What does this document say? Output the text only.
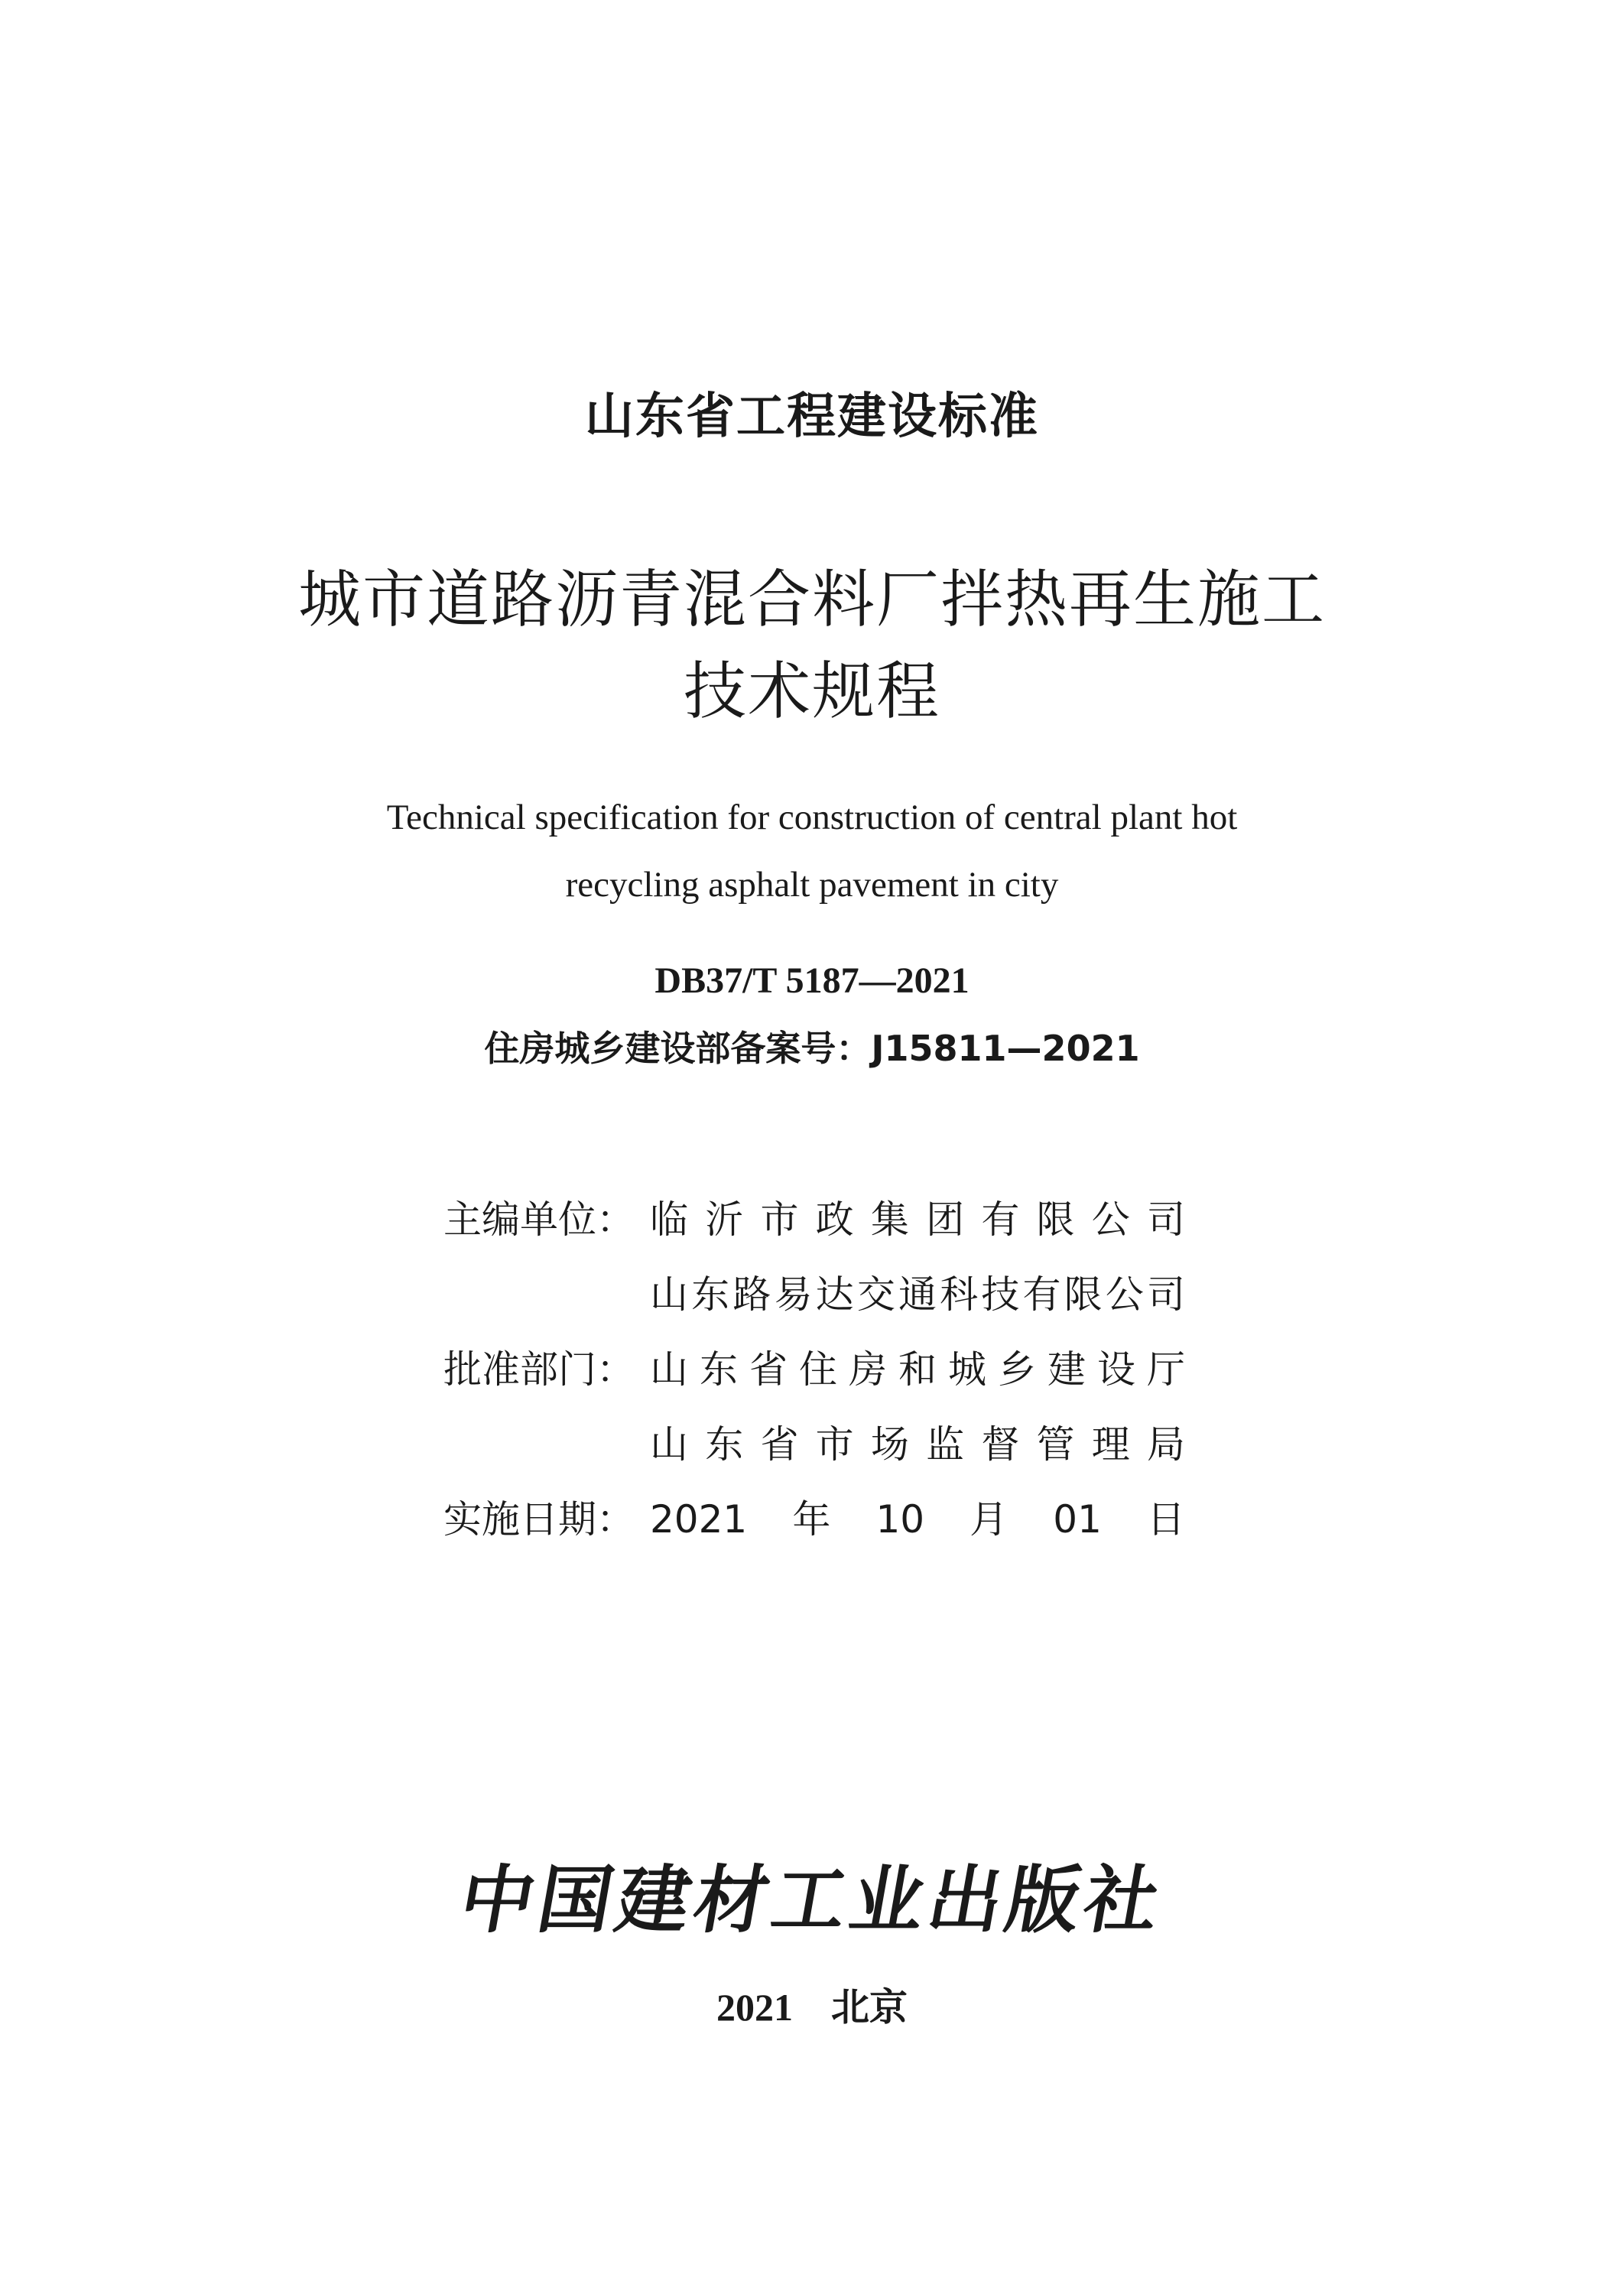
山东省工程建设标准
城市道路沥青混合料厂拌热再生施工
技术规程
Technical specification for construction of central plant hot
recycling asphalt pavement in city
DB37/T 5187—2021
住房城乡建设部备案号：J15811—2021
主编单位： 临沂市政集团有限公司
山东路易达交通科技有限公司
批准部门： 山东省住房和城乡建设厅
山东省市场监督管理局
实施日期： 2021年10月01日
中国建材工业出版社
2021 北京
